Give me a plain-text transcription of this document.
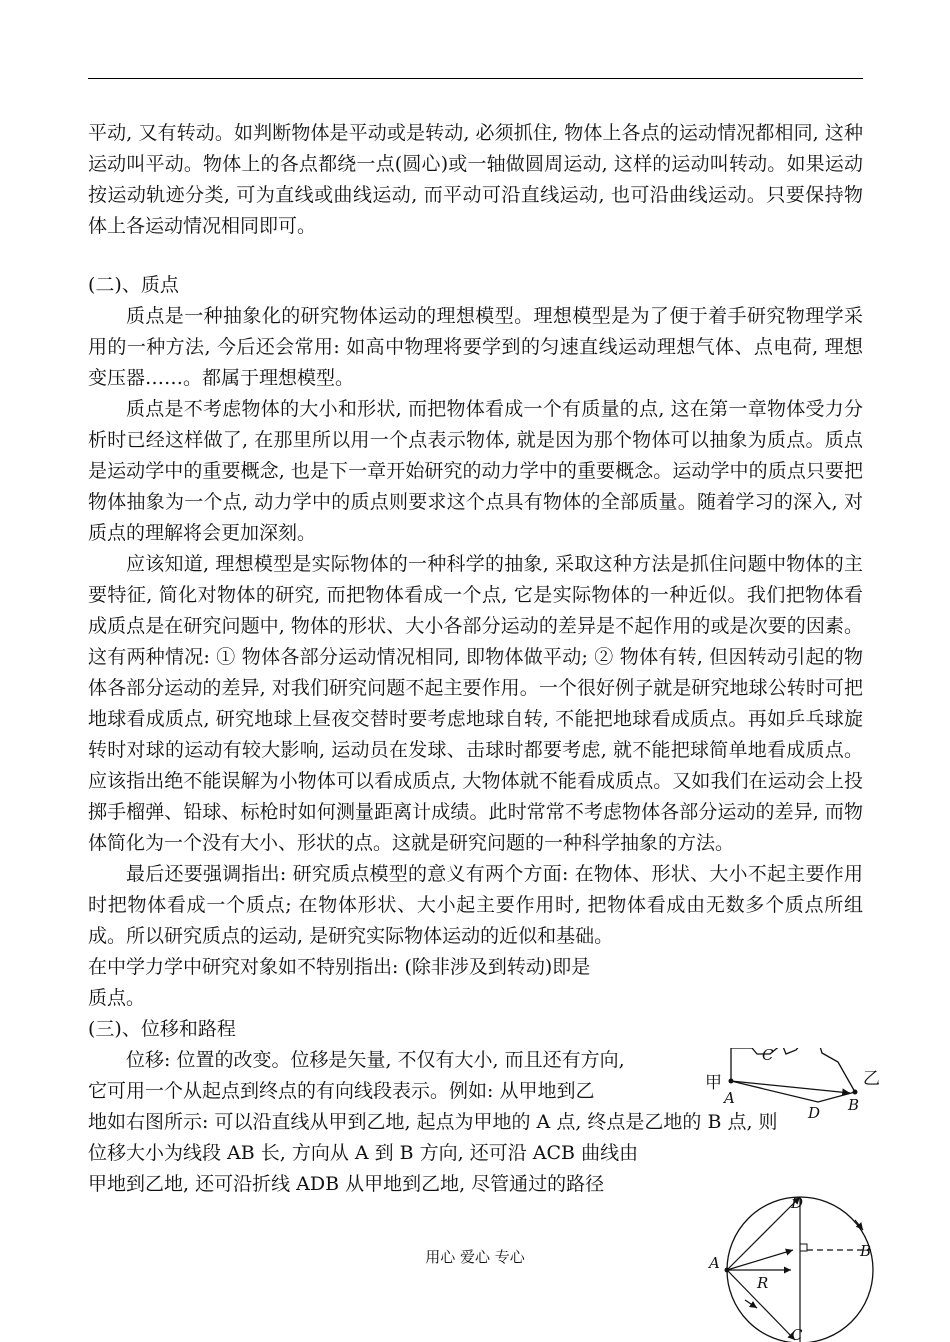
平动, 又有转动。如判断物体是平动或是转动, 必须抓住, 物体上各点的运动情况都相同, 这种运动叫平动。物体上的各点都绕一点(圆心)或一轴做圆周运动, 这样的运动叫转动。如果运动按运动轨迹分类, 可为直线或曲线运动, 而平动可沿直线运动, 也可沿曲线运动。只要保持物体上各运动情况相同即可。

(二)、质点

质点是一种抽象化的研究物体运动的理想模型。理想模型是为了便于着手研究物理学采用的一种方法, 今后还会常用: 如高中物理将要学到的匀速直线运动理想气体、点电荷, 理想变压器……。都属于理想模型。

质点是不考虑物体的大小和形状, 而把物体看成一个有质量的点, 这在第一章物体受力分析时已经这样做了, 在那里所以用一个点表示物体, 就是因为那个物体可以抽象为质点。质点是运动学中的重要概念, 也是下一章开始研究的动力学中的重要概念。运动学中的质点只要把物体抽象为一个点, 动力学中的质点则要求这个点具有物体的全部质量。随着学习的深入, 对质点的理解将会更加深刻。

应该知道, 理想模型是实际物体的一种科学的抽象, 采取这种方法是抓住问题中物体的主要特征, 简化对物体的研究, 而把物体看成一个点, 它是实际物体的一种近似。我们把物体看成质点是在研究问题中, 物体的形状、大小各部分运动的差异是不起作用的或是次要的因素。这有两种情况: ① 物体各部分运动情况相同, 即物体做平动; ② 物体有转, 但因转动引起的物体各部分运动的差异, 对我们研究问题不起主要作用。一个很好例子就是研究地球公转时可把地球看成质点, 研究地球上昼夜交替时要考虑地球自转, 不能把地球看成质点。再如乒乓球旋转时对球的运动有较大影响, 运动员在发球、击球时都要考虑, 就不能把球简单地看成质点。应该指出绝不能误解为小物体可以看成质点, 大物体就不能看成质点。又如我们在运动会上投掷手榴弹、铅球、标枪时如何测量距离计成绩。此时常常不考虑物体各部分运动的差异, 而物体简化为一个没有大小、形状的点。这就是研究问题的一种科学抽象的方法。

最后还要强调指出: 研究质点模型的意义有两个方面: 在物体、形状、大小不起主要作用时把物体看成一个质点; 在物体形状、大小起主要作用时, 把物体看成由无数多个质点所组成。所以研究质点的运动, 是研究实际物体运动的近似和基础。

在中学力学中研究对象如不特别指出: (除非涉及到转动)即是

质点。

(三)、位移和路程

位移: 位置的改变。位移是矢量, 不仅有大小, 而且还有方向,

它可用一个从起点到终点的有向线段表示。例如: 从甲地到乙

地如右图所示: 可以沿直线从甲到乙地, 起点为甲地的 A 点, 终点是乙地的 B 点, 则

位移大小为线段 AB 长, 方向从 A 到 B 方向, 还可沿 ACB 曲线由

甲地到乙地, 还可沿折线 ADB 从甲地到乙地, 尽管通过的路径

甲	乙
A	B
C
D
A
B
C
D
R
用心 爱心 专心
